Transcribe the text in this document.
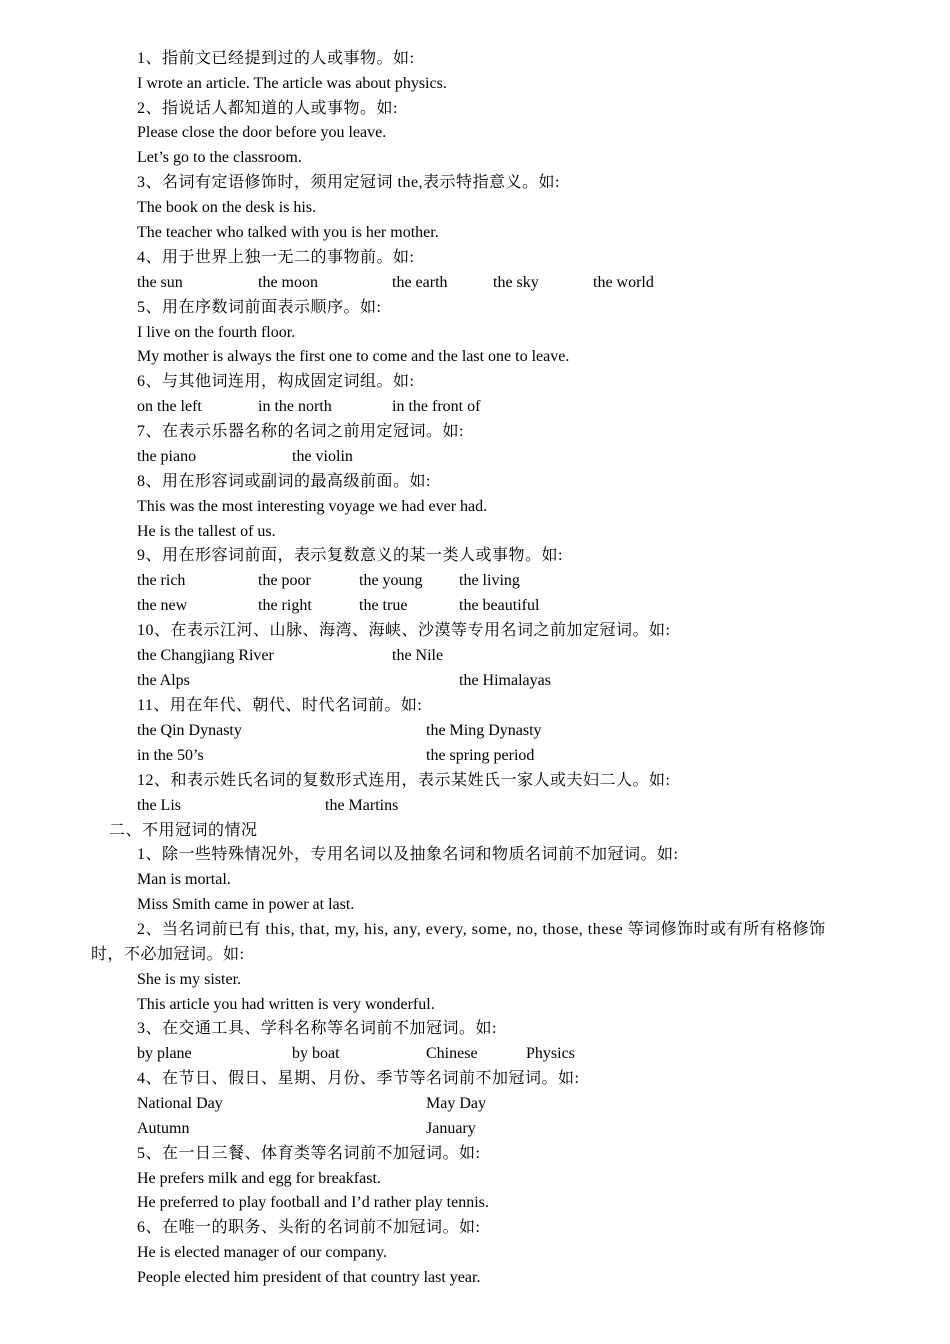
1、指前文已经提到过的人或事物。如:
I wrote an article. The article was about physics.
2、指说话人都知道的人或事物。如:
Please close the door before you leave.
Let’s go to the classroom.
3、名词有定语修饰时，须用定冠词 the,表示特指意义。如:
The book on the desk is his.
The teacher who talked with you is her mother.
4、用于世界上独一无二的事物前。如:
the sun	the moon	the earth	the sky	the world
5、用在序数词前面表示顺序。如:
I live on the fourth floor.
My mother is always the first one to come and the last one to leave.
6、与其他词连用，构成固定词组。如:
on the left	in the north	in the front of
7、在表示乐器名称的名词之前用定冠词。如:
the piano	the violin
8、用在形容词或副词的最高级前面。如:
This was the most interesting voyage we had ever had.
He is the tallest of us.
9、用在形容词前面，表示复数意义的某一类人或事物。如:
the rich	the poor	the young the living
the new	the right	the true	the beautiful
10、在表示江河、山脉、海湾、海峡、沙漠等专用名词之前加定冠词。如:
the Changjiang River	the Nile
the Alps	the Himalayas
11、用在年代、朝代、时代名词前。如:
the Qin Dynasty	the Ming Dynasty
in the 50’s	the spring period
12、和表示姓氏名词的复数形式连用，表示某姓氏一家人或夫妇二人。如:
the Lis	the Martins
二、不用冠词的情况
1、除一些特殊情况外，专用名词以及抽象名词和物质名词前不加冠词。如:
Man is mortal.
Miss Smith came in power at last.
2、当名词前已有 this, that, my, his, any, every, some, no, those, these 等词修饰时或有所有格修饰时，不必加冠词。如:
She is my sister.
This article you had written is very wonderful.
3、在交通工具、学科名称等名词前不加冠词。如:
by plane	by boat	Chinese	Physics
4、在节日、假日、星期、月份、季节等名词前不加冠词。如:
National Day	May Day
Autumn	January
5、在一日三餐、体育类等名词前不加冠词。如:
He prefers milk and egg for breakfast.
He preferred to play football and I’d rather play tennis.
6、在唯一的职务、头衔的名词前不加冠词。如:
He is elected manager of our company.
People elected him president of that country last year.
